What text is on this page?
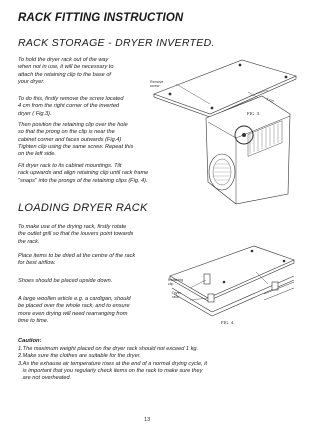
RACK FITTING INSTRUCTION
RACK STORAGE - DRYER INVERTED.
To hold the dryer rack out of the way
when not in use, it will be necessary to
attach the retaining clip to the base of
your dryer.
To do this, firstly remove the screw located
4 cm from the right corner of the inverted
dryer ( Fig.3).
Then position the retaining clip over the hole
so that the prong on the clip is near the
cabinet corner and faces outwards (Fig.4)
Tighten clip using the same screw. Repeat this
on the left side.
Fit dryer rack to its cabinet mountings. Tilt
rack upwards and align retaining clip until rack frame
"snaps" into the prongs of the retaining clips (Fig. 4).
LOADING DRYER RACK
To make use of the drying rack, firstly rotate
the outlet grill so that the louvers point towards
the rack.
Place items to be dried at the centre of the rack
for best airflow.
Shoes should be placed upside down.
A large woollen article e.g. a cardigan, should
be placed over the whole rack, and to ensure
more even drying will need rearranging from
time to time.
Caution:
1.The maximum weight placed on the dryer rack should not exceed 1 kg.
2.Make sure the clothes are suitable for the dryer.
3.As the exhause air temperature rises at the end of a normal drying cycle, it
is important that you regularly check items on the rack to make sure they
are not overheated.
13
Remove
screw
4 cm
FIG. 3.
Retaining
clip
Dryer
rack
FIG. 4.
